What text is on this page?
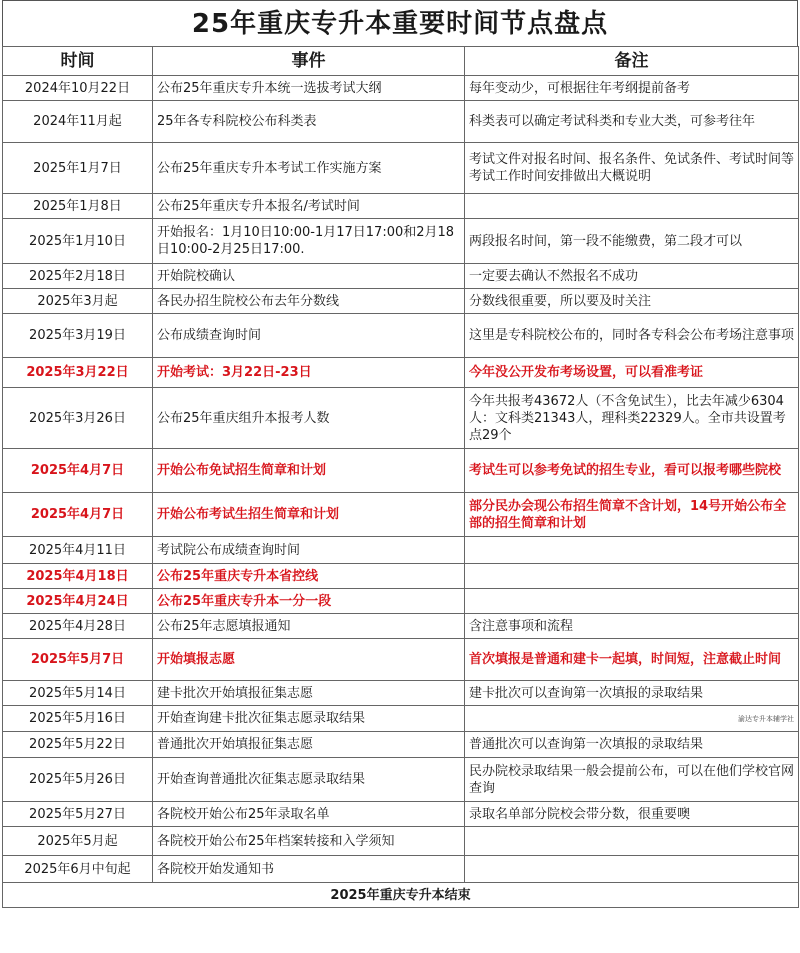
25年重庆专升本重要时间节点盘点
时间	事件	备注
2024年10月22日	公布25年重庆专升本统一选拔考试大纲	每年变动少，可根据往年考纲提前备考
2024年11月起	25年各专科院校公布科类表	科类表可以确定考试科类和专业大类，可参考往年
2025年1月7日	公布25年重庆专升本考试工作实施方案	考试文件对报名时间、报名条件、免试条件、考试时间等考试工作时间安排做出大概说明
2025年1月8日	公布25年重庆专升本报名/考试时间	
2025年1月10日	开始报名：1月10日10:00-1月17日17:00和2月18日10:00-2月25日17:00.	两段报名时间，第一段不能缴费，第二段才可以
2025年2月18日	开始院校确认	一定要去确认不然报名不成功
2025年3月起	各民办招生院校公布去年分数线	分数线很重要，所以要及时关注
2025年3月19日	公布成绩查询时间	这里是专科院校公布的，同时各专科会公布考场注意事项
2025年3月22日	开始考试：3月22日-23日	今年没公开发布考场设置，可以看准考证
2025年3月26日	公布25年重庆组升本报考人数	今年共报考43672人（不含免试生），比去年减少6304人：文科类21343人，理科类22329人。全市共设置考点29个
2025年4月7日	开始公布免试招生简章和计划	考试生可以参考免试的招生专业，看可以报考哪些院校
2025年4月7日	开始公布考试生招生简章和计划	部分民办会现公布招生简章不含计划，14号开始公布全部的招生简章和计划
2025年4月11日	考试院公布成绩查询时间	
2025年4月18日	公布25年重庆专升本省控线	
2025年4月24日	公布25年重庆专升本一分一段	
2025年4月28日	公布25年志愿填报通知	含注意事项和流程
2025年5月7日	开始填报志愿	首次填报是普通和建卡一起填，时间短，注意截止时间
2025年5月14日	建卡批次开始填报征集志愿	建卡批次可以查询第一次填报的录取结果
2025年5月16日	开始查询建卡批次征集志愿录取结果	渝达专升本辅学社

2025年5月22日	普通批次开始填报征集志愿	普通批次可以查询第一次填报的录取结果
2025年5月26日	开始查询普通批次征集志愿录取结果	民办院校录取结果一般会提前公布，可以在他们学校官网查询
2025年5月27日	各院校开始公布25年录取名单	录取名单部分院校会带分数，很重要噢
2025年5月起	各院校开始公布25年档案转接和入学须知	
2025年6月中旬起	各院校开始发通知书	
2025年重庆专升本结束		
